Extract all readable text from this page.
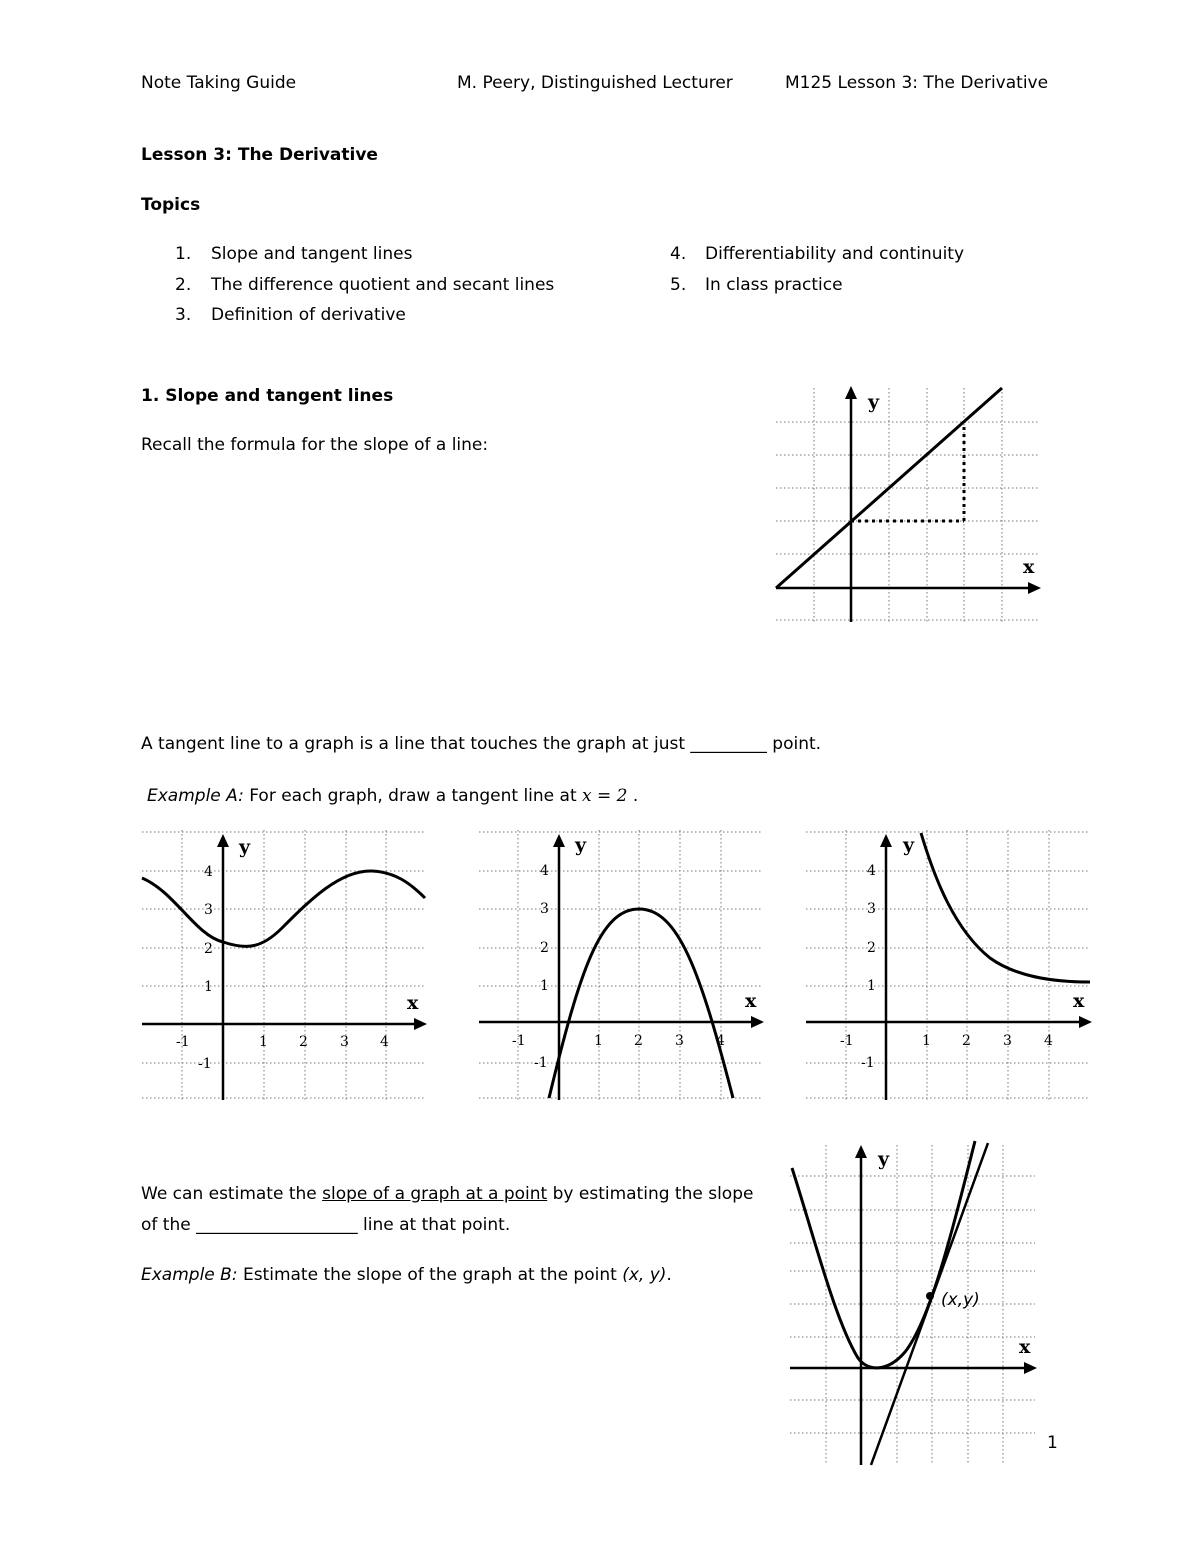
Note Taking Guide	M. Peery, Distinguished Lecturer	M125 Lesson 3: The Derivative
Lesson 3: The Derivative
Topics
1. Slope and tangent lines
2. The difference quotient and secant lines
3. Definition of derivative
4. Differentiability and continuity
5. In class practice
1. Slope and tangent lines
Recall the formula for the slope of a line:
y
x
A tangent line to a graph is a line that touches the graph at just _________ point.
Example A: For each graph, draw a tangent line at x = 2 .
y
x
-1	1 2 3 4
4
3
2
1
-1
y
x
-1	1 2 3 4
4
3
2
1
-1
y
x
-1	1 2 3 4
4
3
2
1
-1
We can estimate the slope of a graph at a point by estimating the slope
of the ___________________ line at that point.
Example B: Estimate the slope of the graph at the point (x, y).
y
x
(x,y)
1
